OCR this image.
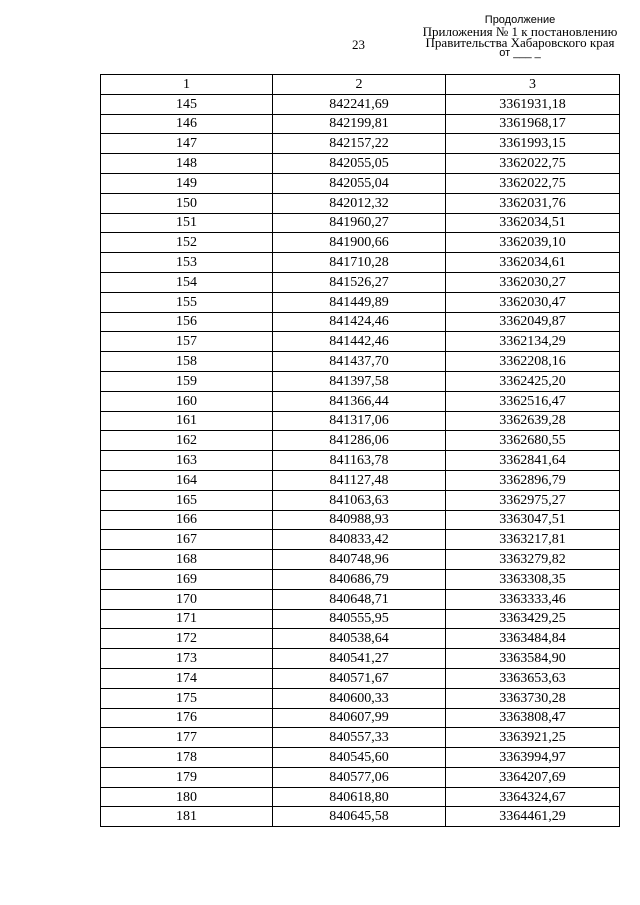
23
Продолжение
Приложения № 1 к постановлению
Правительства Хабаровского края
от ___ _
1	2	3
145	842241,69	3361931,18
146	842199,81	3361968,17
147	842157,22	3361993,15
148	842055,05	3362022,75
149	842055,04	3362022,75
150	842012,32	3362031,76
151	841960,27	3362034,51
152	841900,66	3362039,10
153	841710,28	3362034,61
154	841526,27	3362030,27
155	841449,89	3362030,47
156	841424,46	3362049,87
157	841442,46	3362134,29
158	841437,70	3362208,16
159	841397,58	3362425,20
160	841366,44	3362516,47
161	841317,06	3362639,28
162	841286,06	3362680,55
163	841163,78	3362841,64
164	841127,48	3362896,79
165	841063,63	3362975,27
166	840988,93	3363047,51
167	840833,42	3363217,81
168	840748,96	3363279,82
169	840686,79	3363308,35
170	840648,71	3363333,46
171	840555,95	3363429,25
172	840538,64	3363484,84
173	840541,27	3363584,90
174	840571,67	3363653,63
175	840600,33	3363730,28
176	840607,99	3363808,47
177	840557,33	3363921,25
178	840545,60	3363994,97
179	840577,06	3364207,69
180	840618,80	3364324,67
181	840645,58	3364461,29
